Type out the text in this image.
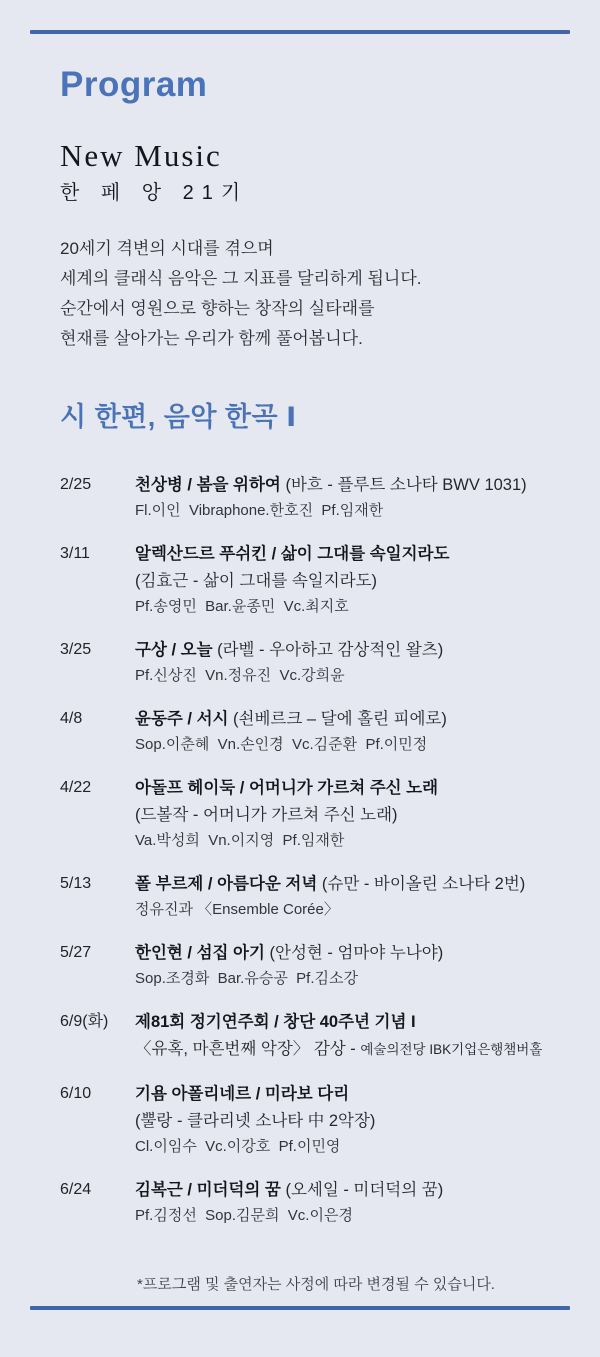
Program
New Music
한 페 앙 21기
20세기 격변의 시대를 겪으며
세계의 클래식 음악은 그 지표를 달리하게 됩니다.
순간에서 영원으로 향하는 창작의 실타래를
현재를 살아가는 우리가 함께 풀어봅니다.
시 한편, 음악 한곡 Ⅰ
2/25	천상병 / 봄을 위하여 (바흐 - 플루트 소나타 BWV 1031)
Fl.이인  Vibraphone.한호진  Pf.임재한
3/11	알렉산드르 푸쉬킨 / 삶이 그대를 속일지라도
(김효근 - 삶이 그대를 속일지라도)
Pf.송영민  Bar.윤종민  Vc.최지호
3/25	구상 / 오늘 (라벨 - 우아하고 감상적인 왈츠)
Pf.신상진  Vn.정유진  Vc.강희윤
4/8	윤동주 / 서시 (쇤베르크 – 달에 홀린 피에로)
Sop.이춘혜  Vn.손인경  Vc.김준환  Pf.이민정
4/22	아돌프 헤이둑 / 어머니가 가르쳐 주신 노래
(드볼작 - 어머니가 가르쳐 주신 노래)
Va.박성희  Vn.이지영  Pf.임재한
5/13	폴 부르제 / 아름다운 저녁 (슈만 - 바이올린 소나타 2번)
정유진과 〈Ensemble Corée〉
5/27	한인현 / 섬집 아기 (안성현 - 엄마야 누나야)
Sop.조경화  Bar.유승공  Pf.김소강
6/9(화)	제81회 정기연주회 / 창단 40주년 기념 I
〈유혹, 마흔번째 악장〉 감상 - 예술의전당 IBK기업은행챔버홀
6/10	기욤 아폴리네르 / 미라보 다리
(뿔랑 - 클라리넷 소나타 中 2악장)
Cl.이임수  Vc.이강호  Pf.이민영
6/24	김복근 / 미더덕의 꿈 (오세일 - 미더덕의 꿈)
Pf.김정선  Sop.김문희  Vc.이은경
*프로그램 및 출연자는 사정에 따라 변경될 수 있습니다.
